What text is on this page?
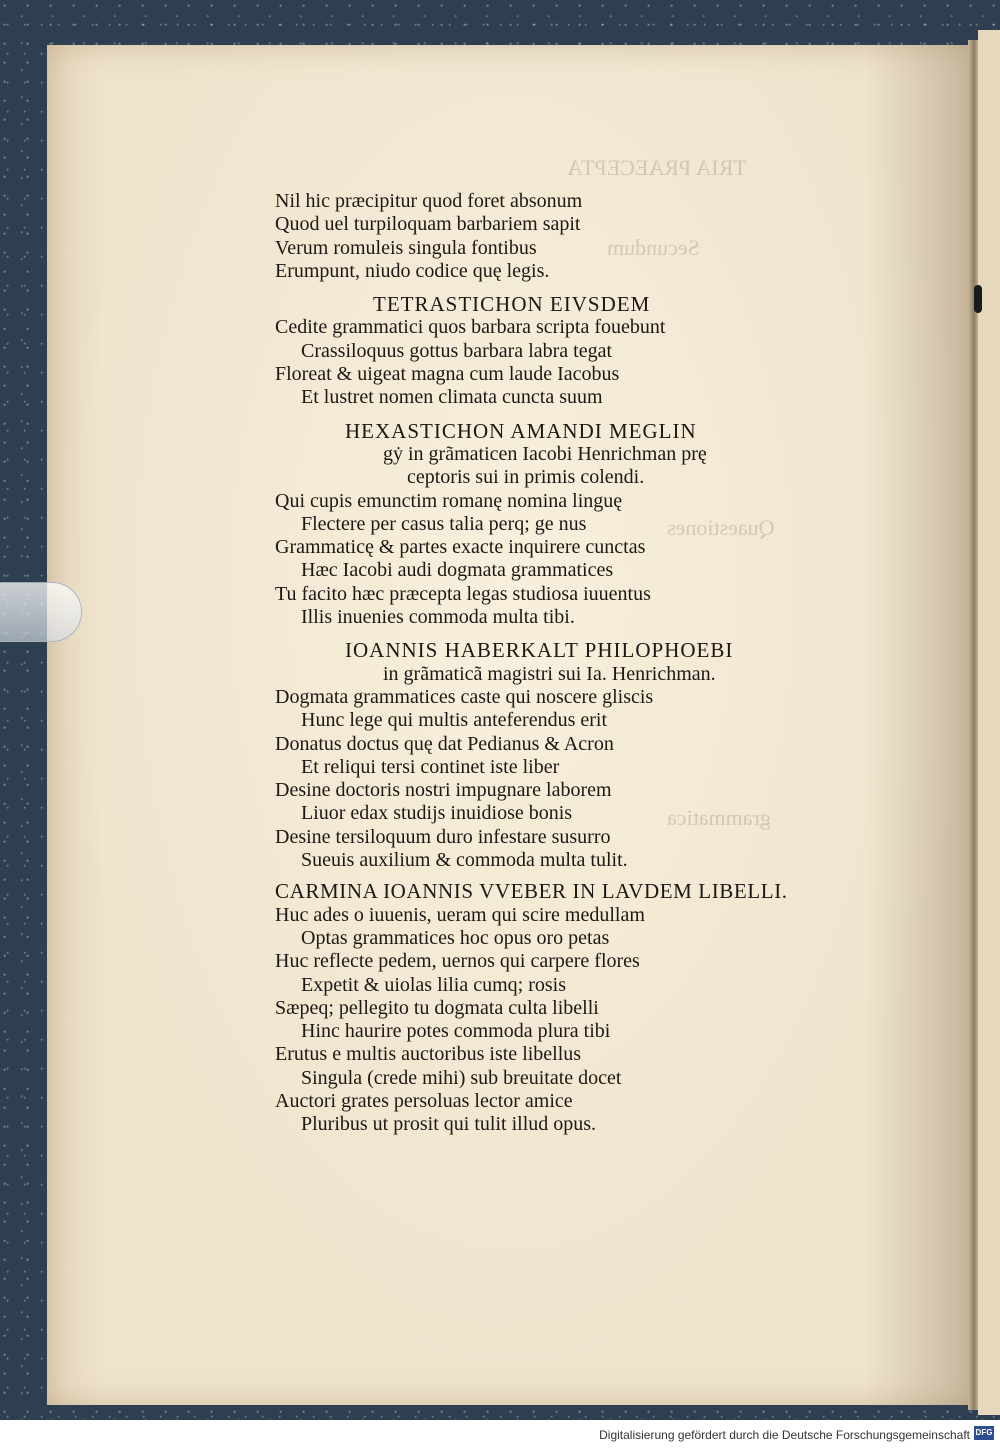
TRIA PRAECEPTA
Secundum
Quaestiones
grammatica
Nil hic præcipitur quod foret absonum
Quod uel turpiloquam barbariem sapit
Verum romuleis singula fontibus
Erumpunt, niudo codice quę legis.
TETRASTICHON EIVSDEM
Cedite grammatici quos barbara scripta fouebunt
Crassiloquus gottus barbara labra tegat
Floreat & uigeat magna cum laude Iacobus
Et lustret nomen climata cuncta suum
HEXASTICHON AMANDI MEGLIN
gẏ in grãmaticen Iacobi Henrichman prę
ceptoris sui in primis colendi.
Qui cupis emunctim romanę nomina linguę
Flectere per casus talia perq; ge nus
Grammaticę & partes exacte inquirere cunctas
Hæc Iacobi audi dogmata grammatices
Tu facito hæc præcepta legas studiosa iuuentus
Illis inuenies commoda multa tibi.
IOANNIS HABERKALT PHILOPHOEBI
in grãmaticã magistri sui Ia. Henrichman.
Dogmata grammatices caste qui noscere gliscis
Hunc lege qui multis anteferendus erit
Donatus doctus quę dat Pedianus & Acron
Et reliqui tersi continet iste liber
Desine doctoris nostri impugnare laborem
Liuor edax studijs inuidiose bonis
Desine tersiloquum duro infestare susurro
Sueuis auxilium & commoda multa tulit.
CARMINA IOANNIS VVEBER IN LAVDEM LIBELLI.
Huc ades o iuuenis, ueram qui scire medullam
Optas grammatices hoc opus oro petas
Huc reflecte pedem, uernos qui carpere flores
Expetit & uiolas lilia cumq; rosis
Sæpeq; pellegito tu dogmata culta libelli
Hinc haurire potes commoda plura tibi
Erutus e multis auctoribus iste libellus
Singula (crede mihi) sub breuitate docet
Auctori grates persoluas lector amice
Pluribus ut prosit qui tulit illud opus.
Digitalisierung gefördert durch die Deutsche Forschungsgemeinschaft DFG
